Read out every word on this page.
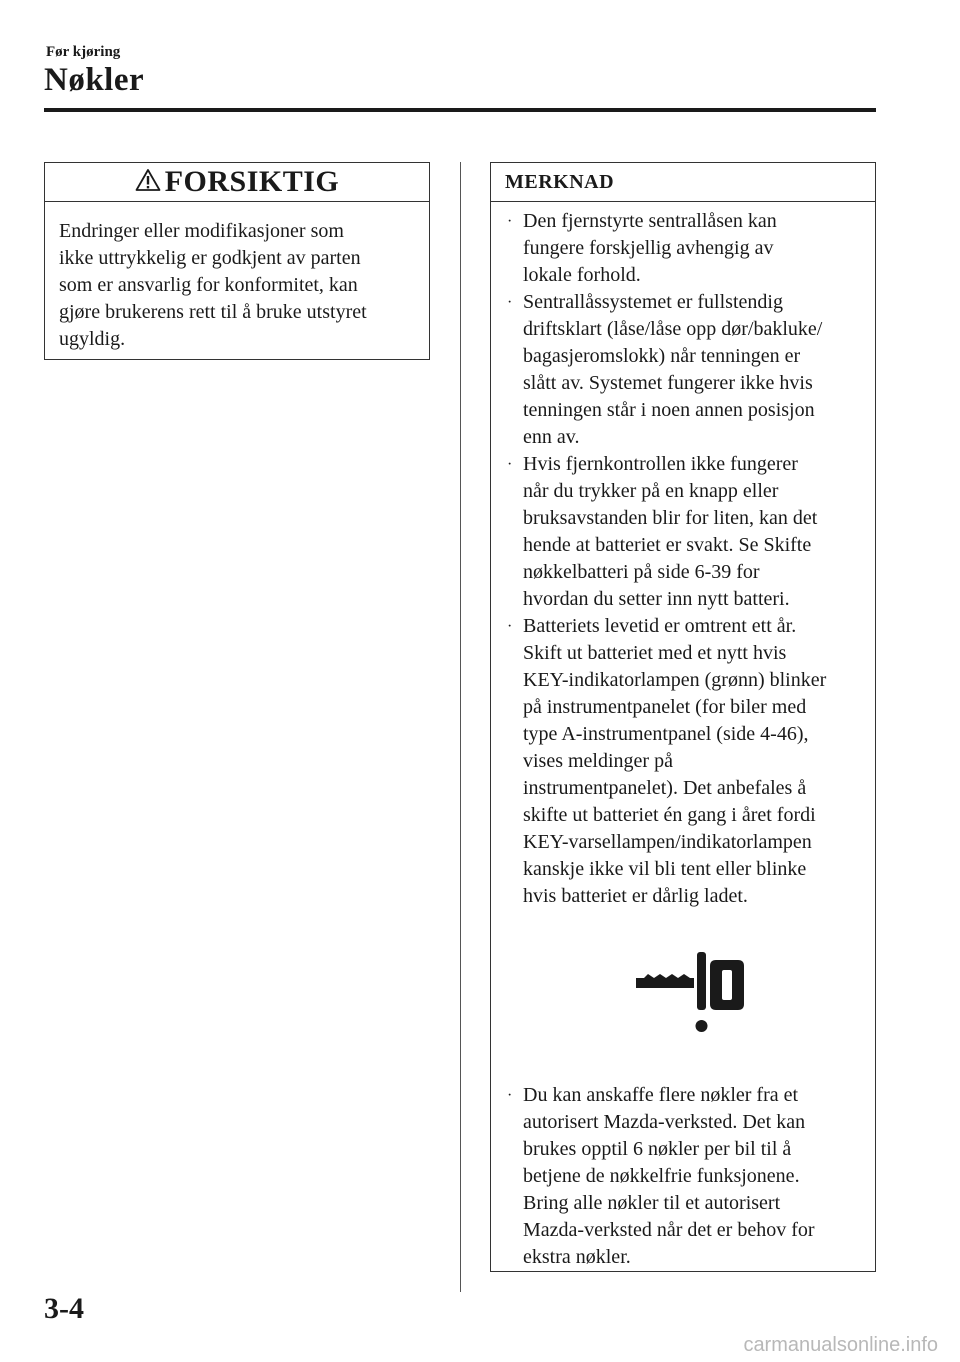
Før kjøring
Nøkler
FORSIKTIG
Endringer eller modifikasjoner som
ikke uttrykkelig er godkjent av parten
som er ansvarlig for konformitet, kan
gjøre brukerens rett til å bruke utstyret
ugyldig.
MERKNAD
· Den fjernstyrte sentrallåsen kan
fungere forskjellig avhengig av
lokale forhold.
· Sentrallåssystemet er fullstendig
driftsklart (låse/låse opp dør/bakluke/
bagasjeromslokk) når tenningen er
slått av. Systemet fungerer ikke hvis
tenningen står i noen annen posisjon
enn av.
· Hvis fjernkontrollen ikke fungerer
når du trykker på en knapp eller
bruksavstanden blir for liten, kan det
hende at batteriet er svakt. Se Skifte
nøkkelbatteri på side 6-39 for
hvordan du setter inn nytt batteri.
· Batteriets levetid er omtrent ett år.
Skift ut batteriet med et nytt hvis
KEY-indikatorlampen (grønn) blinker
på instrumentpanelet (for biler med
type A-instrumentpanel (side 4-46),
vises meldinger på
instrumentpanelet). Det anbefales å
skifte ut batteriet én gang i året fordi
KEY-varsellampen/indikatorlampen
kanskje ikke vil bli tent eller blinke
hvis batteriet er dårlig ladet.
· Du kan anskaffe flere nøkler fra et
autorisert Mazda-verksted. Det kan
brukes opptil 6 nøkler per bil til å
betjene de nøkkelfrie funksjonene.
Bring alle nøkler til et autorisert
Mazda-verksted når det er behov for
ekstra nøkler.
3-4
carmanualsonline.info
